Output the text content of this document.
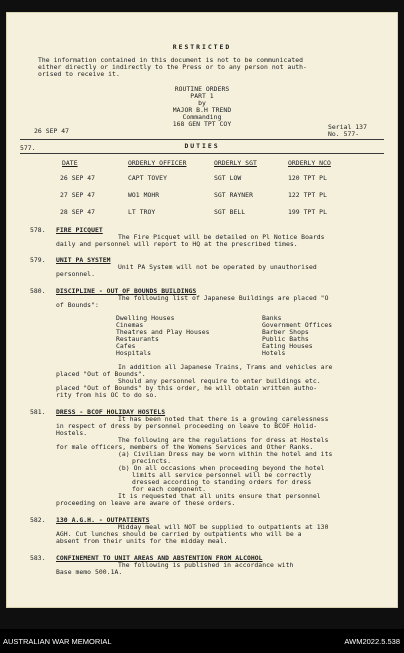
RESTRICTED
The information contained in this document is not to be communicated
either directly or indirectly to the Press or to any person not auth-
orised to receive it.
ROUTINE ORDERS
PART 1
by
MAJOR B.H TREND
Commanding
168 GEN TPT COY
26 SEP 47	Serial 137
No. 577-
DUTIES
577.
DATE	ORDERLY OFFICER	ORDERLY SGT	ORDERLY NCO
26 SEP 47	CAPT TOVEY	SGT LOW	120 TPT PL
27 SEP 47	WO1 MOHR	SGT RAYNER	122 TPT PL
28 SEP 47	LT TROY	SGT BELL	199 TPT PL
578. FIRE PICQUET
The Fire Picquet will be detailed on Pl Notice Boards
daily and personnel will report to HQ at the prescribed times.
579. UNIT PA SYSTEM
Unit PA System will not be operated by unauthorised
personnel.
580. DISCIPLINE - OUT OF BOUNDS BUILDINGS
The following list of Japanese Buildings are placed "O
of Bounds":
Dwelling Houses
Cinemas
Theatres and Play Houses
Restaurants
Cafes
Hospitals
Banks
Government Offices
Barber Shops
Public Baths
Eating Houses
Hotels
In addition all Japanese Trains, Trams and vehicles are
placed "Out of Bounds".
Should any personnel require to enter buildings etc.
placed "Out of Bounds" by this order, he will obtain written autho-
rity from his OC to do so.
581. DRESS - BCOF HOLIDAY HOSTELS
It has been noted that there is a growing carelessness
in respect of dress by personnel proceeding on leave to BCOF Holid-
Hostels.
The following are the regulations for dress at Hostels
for male officers, members of the Womens Services and Other Ranks.
(a) Civilian Dress may be worn within the hotel and its
precincts.
(b) On all occasions when proceeding beyond the hotel
limits all service personnel will be correctly
dressed according to standing orders for dress
for each component.
It is requested that all units ensure that personnel
proceeding on leave are aware of these orders.
582. 130 A.G.H. - OUTPATIENTS
Midday meal will NOT be supplied to outpatients at 130
AGH. Cut lunches should be carried by outpatients who will be a
absent from their units for the midday meal.
583. CONFINEMENT TO UNIT AREAS AND ABSTENTION FROM ALCOHOL
The following is published in accordance with
Base memo 500.1A.
AUSTRALIAN WAR MEMORIAL	AWM2022.5.538
